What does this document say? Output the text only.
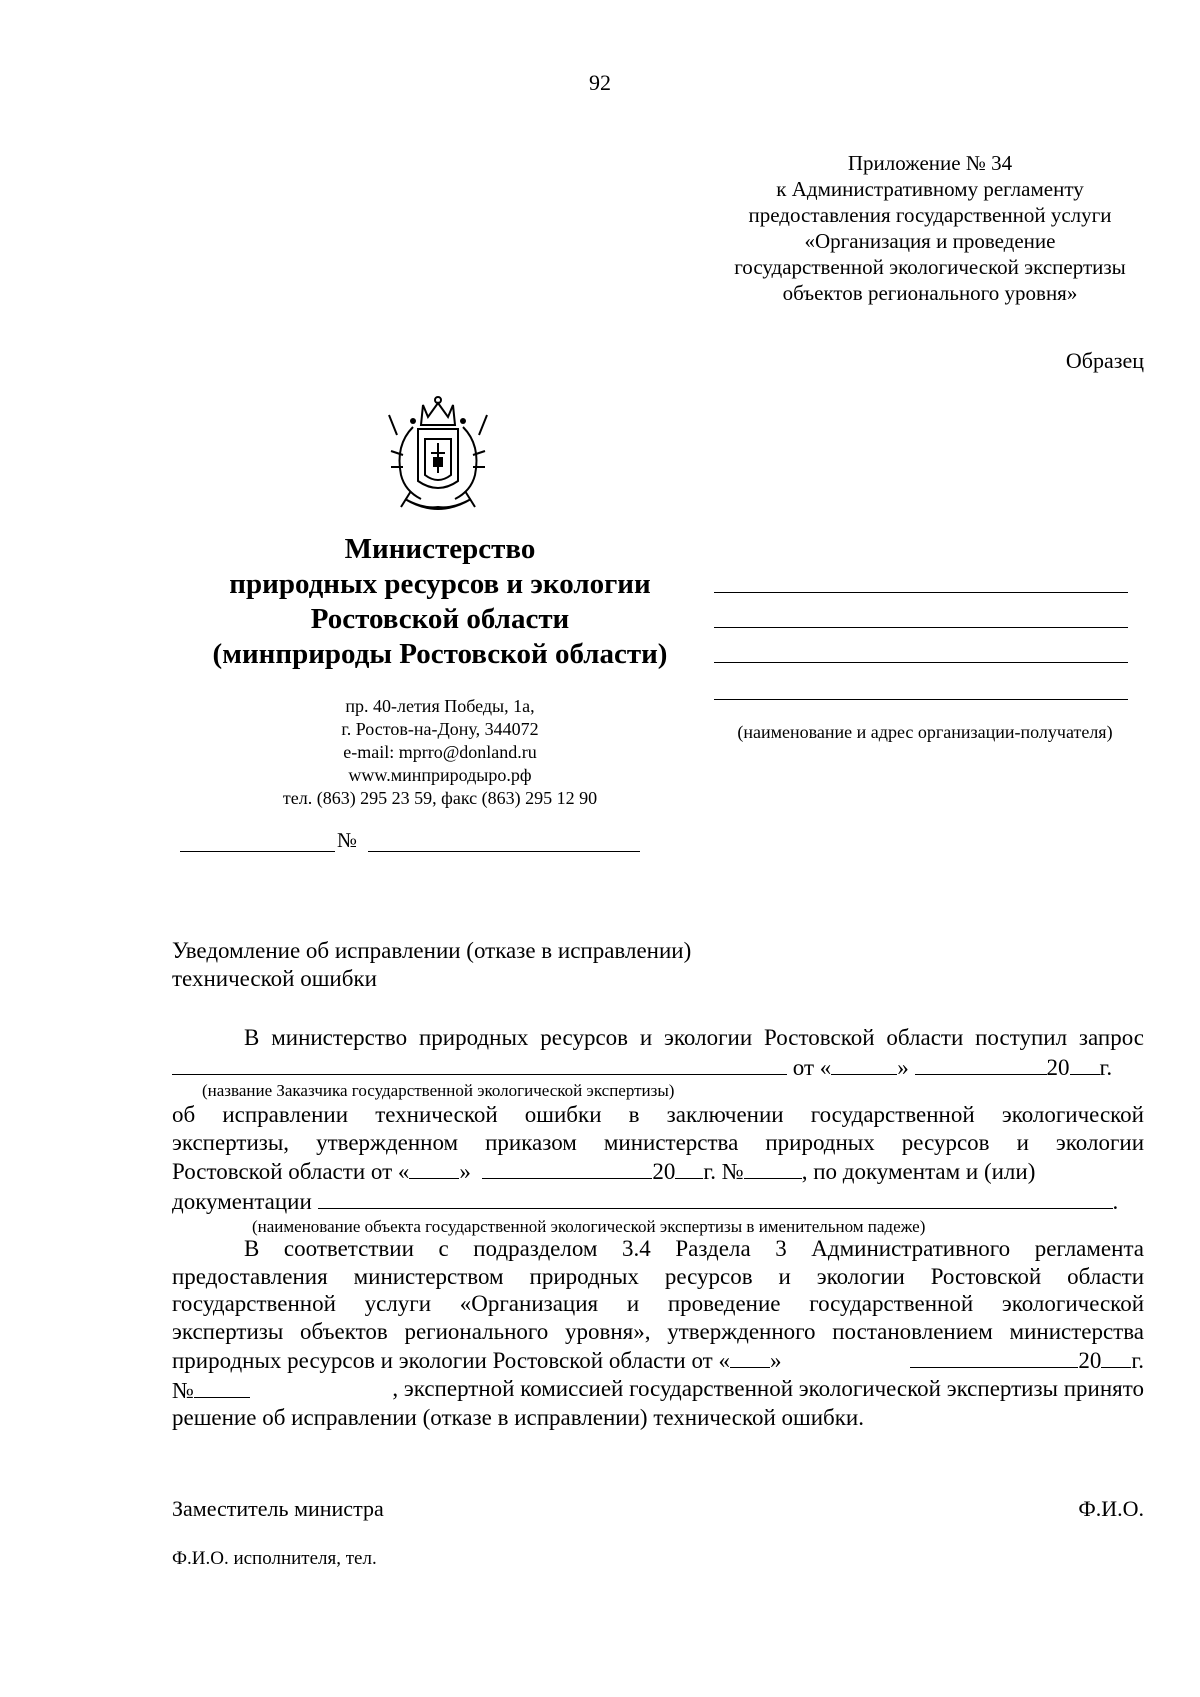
92
Приложение № 34
к Административному регламенту
предоставления государственной услуги
«Организация и проведение
государственной экологической экспертизы
объектов регионального уровня»
Образец
Министерство
природных ресурсов и экологии
Ростовской области
(минприроды Ростовской области)
пр. 40-летия Победы, 1а,
г. Ростов-на-Дону, 344072
e-mail: mprro@donland.ru
www.минприродыро.рф
тел. (863) 295 23 59, факс (863) 295 12 90
№
(наименование и адрес организации-получателя)
Уведомление об исправлении (отказе в исправлении)
технической ошибки
В министерство природных ресурсов и экологии Ростовской области поступил запрос
от «	»	20 г.
(название Заказчика государственной экологической экспертизы)
об исправлении технической ошибки в заключении государственной экологической
экспертизы, утвержденном приказом министерства природных ресурсов и экологии
Ростовской области от « »	20 г. №	, по документам и (или)
документации	.
(наименование объекта государственной экологической экспертизы в именительном падеже)
В соответствии с подразделом 3.4 Раздела 3 Административного регламента
предоставления министерством природных ресурсов и экологии Ростовской области
государственной услуги «Организация и проведение государственной экологической
экспертизы объектов регионального уровня», утвержденного постановлением министерства
природных ресурсов и экологии Ростовской области от « »	20 г.
№	, экспертной комиссией государственной экологической экспертизы принято
решение об исправлении (отказе в исправлении) технической ошибки.
Заместитель министра	Ф.И.О.
Ф.И.О. исполнителя, тел.
